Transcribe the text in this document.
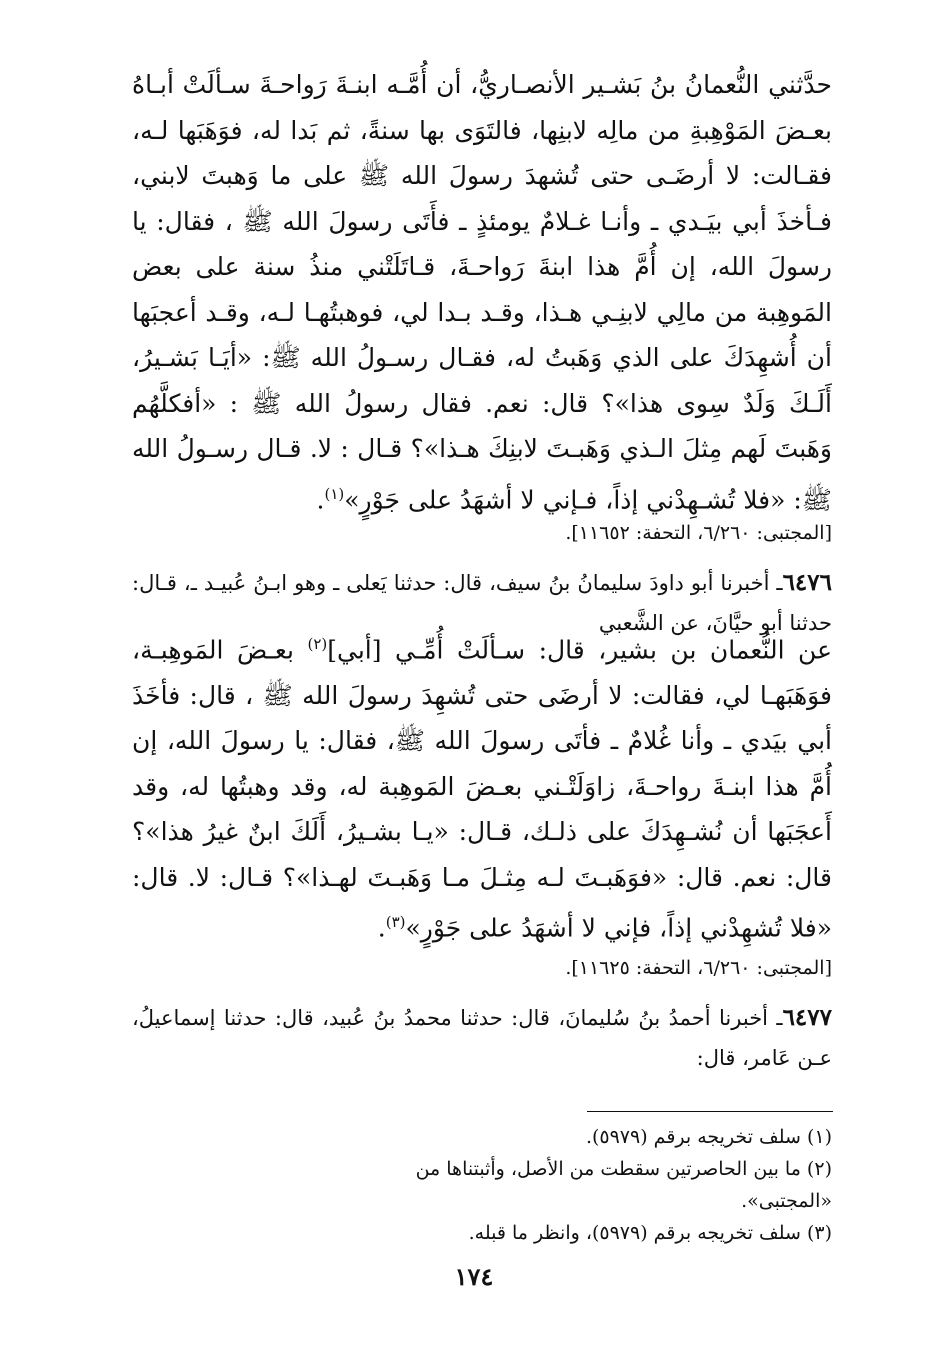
حدَّثني النُّعمانُ بنُ بَشـير الأنصـاريُّ، أن أُمَّـه ابنـةَ رَواحـةَ سـألَتْ أبـاهُ بعـضَ المَوْهِبةِ من مالِه لابنِها، فالتَوَى بها سنةً، ثم بَدا له، فوَهَبَها لـه، فقـالت: لا أرضَـى حتى تُشهدَ رسولَ الله ﷺ على ما وَهبتَ لابني، فـأخذَ أبي بيَـدي ـ وأنـا غـلامٌ يومئذٍ ـ فأَتَى رسولَ الله ﷺ ، فقال: يا رسولَ الله، إن أُمَّ هذا ابنةَ رَواحـةَ، قـاتَلَتْني منذُ سنة على بعض المَوهِبة من مالِي لابنِـي هـذا، وقـد بـدا لي، فوهبتُهـا لـه، وقـد أعجبَها أن أُشهِدَكَ على الذي وَهَبتُ له، فقـال رسـولُ الله ﷺ: «أيَـا بَشـيرُ، أَلَـكَ وَلَدٌ سِوى هذا»؟ قال: نعم. فقال رسولُ الله ﷺ : «أفكلَّهُم وَهَبتَ لَهم مِثلَ الـذي وَهَبـتَ لابنِكَ هـذا»؟ قـال : لا. قـال رسـولُ الله ﷺ: «فلا تُشـهِدْني إذاً، فـإني لا أشهَدُ على جَوْرٍ»$^{(١)}$.
[المجتبى: ٦/٢٦٠، التحفة: ١١٦٥٢].
٦٤٧٦ـ أخبرنا أبو داودَ سليمانُ بنُ سيف، قال: حدثنا يَعلى ـ وهو ابـنُ عُبيـد ـ، قـال: حدثنا أبو حيَّانَ، عن الشَّعبي
عن النُّعمان بن بشير، قال: سـألَتْ أُمِّـي [أبي]$^{(٢)}$ بعـضَ المَوهِبـة، فوَهَبَهـا لي، فقالت: لا أرضَى حتى تُشهِدَ رسولَ الله ﷺ ، قال: فأخَذَ أبي بيَدي ـ وأنا غُلامٌ ـ فأتَى رسولَ الله ﷺ، فقال: يا رسولَ الله، إن أُمَّ هذا ابنـةَ رواحـةَ، زاوَلَتْـني بعـضَ المَوهِبة له، وقد وهبتُها له، وقد أَعجَبَها أن نُشـهِدَكَ على ذلـك، قـال: «يـا بشـيرُ، أَلَكَ ابنٌ غيرُ هذا»؟ قال: نعم. قال: «فوَهَبـتَ لـه مِثـلَ مـا وَهَبـتَ لهـذا»؟ قـال: لا. قال: «فلا تُشهِدْني إذاً، فإني لا أشهَدُ على جَوْرٍ»$^{(٣)}$.
[المجتبى: ٦/٢٦٠، التحفة: ١١٦٢٥].
٦٤٧٧ـ أخبرنا أحمدُ بنُ سُليمانَ، قال: حدثنا محمدُ بنُ عُبيد، قال: حدثنا إسماعيلُ، عـن عَامر، قال:
(١) سلف تخريجه برقم (٥٩٧٩).
(٢) ما بين الحاصرتين سقطت من الأصل، وأثبتناها من «المجتبى».
(٣) سلف تخريجه برقم (٥٩٧٩)، وانظر ما قبله.
١٧٤
